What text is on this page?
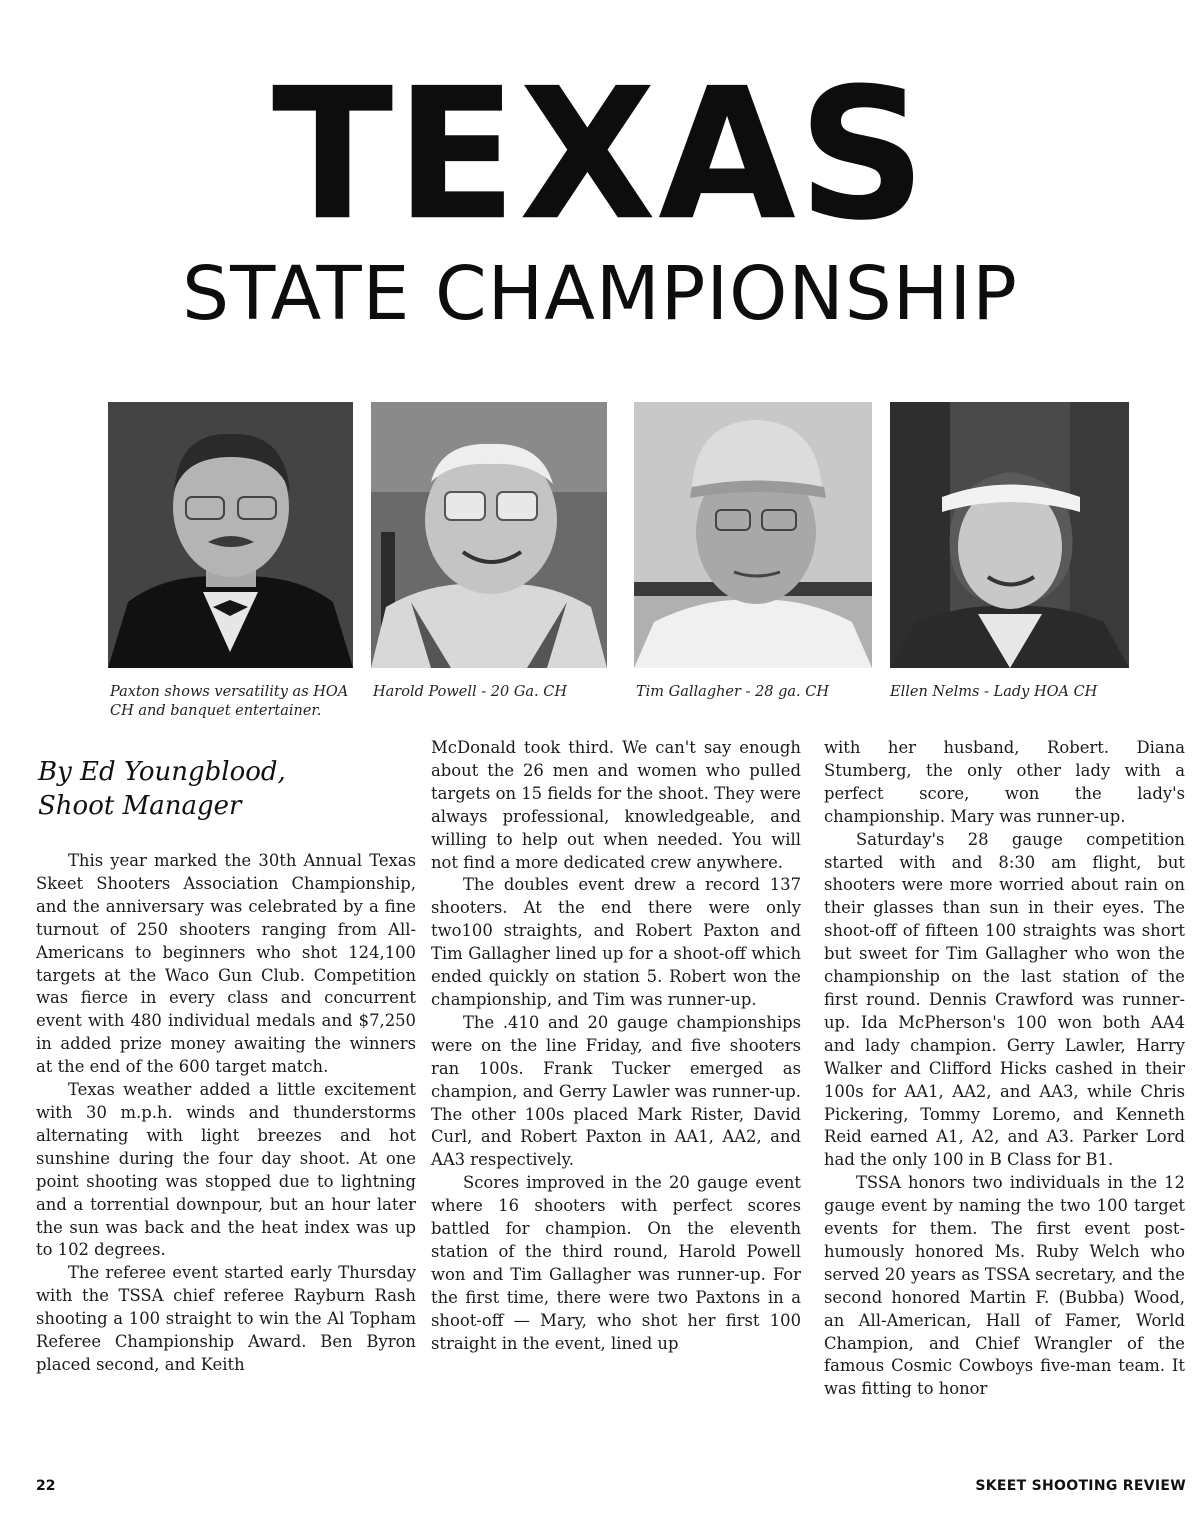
TEXAS
STATE CHAMPIONSHIP
Paxton shows versatility as HOA CH and banquet entertainer.
Harold Powell - 20 Ga. CH	Tim Gallagher - 28 ga. CH	Ellen Nelms - Lady HOA CH
By Ed Youngblood,
Shoot Manager

This year marked the 30th Annual Texas Skeet Shooters Association Championship, and the anniversary was celebrated by a fine turnout of 250 shooters ranging from All-Americans to beginners who shot 124,100 targets at the Waco Gun Club. Competition was fierce in every class and concurrent event with 480 individual medals and $7,250 in added prize money awaiting the winners at the end of the 600 target match.

Texas weather added a little excitement with 30 m.p.h. winds and thunderstorms alternating with light breezes and hot sunshine during the four day shoot. At one point shooting was stopped due to lightning and a torrential downpour, but an hour later the sun was back and the heat index was up to 102 degrees.

The referee event started early Thursday with the TSSA chief referee Rayburn Rash shooting a 100 straight to win the Al Topham Referee Championship Award. Ben Byron placed second, and Keith

McDonald took third. We can't say enough about the 26 men and women who pulled targets on 15 fields for the shoot. They were always professional, knowledgeable, and willing to help out when needed. You will not find a more dedicated crew anywhere.

The doubles event drew a record 137 shooters. At the end there were only two100 straights, and Robert Paxton and Tim Gallagher lined up for a shoot-off which ended quickly on station 5. Robert won the championship, and Tim was runner-up.

The .410 and 20 gauge championships were on the line Friday, and five shooters ran 100s. Frank Tucker emerged as champion, and Gerry Lawler was runner-up. The other 100s placed Mark Rister, David Curl, and Robert Paxton in AA1, AA2, and AA3 respectively.

Scores improved in the 20 gauge event where 16 shooters with perfect scores battled for champion. On the eleventh station of the third round, Harold Powell won and Tim Gallagher was runner-up. For the first time, there were two Paxtons in a shoot-off — Mary, who shot her first 100 straight in the event, lined up

with her husband, Robert. Diana Stumberg, the only other lady with a perfect score, won the lady's championship. Mary was runner-up.

Saturday's 28 gauge competition started with and 8:30 am flight, but shooters were more worried about rain on their glasses than sun in their eyes. The shoot-off of fifteen 100 straights was short but sweet for Tim Gallagher who won the championship on the last station of the first round. Dennis Crawford was runner-up. Ida McPherson's 100 won both AA4 and lady champion. Gerry Lawler, Harry Walker and Clifford Hicks cashed in their 100s for AA1, AA2, and AA3, while Chris Pickering, Tommy Loremo, and Kenneth Reid earned A1, A2, and A3. Parker Lord had the only 100 in B Class for B1.

TSSA honors two individuals in the 12 gauge event by naming the two 100 target events for them. The first event post-humously honored Ms. Ruby Welch who served 20 years as TSSA secretary, and the second honored Martin F. (Bubba) Wood, an All-American, Hall of Famer, World Champion, and Chief Wrangler of the famous Cosmic Cowboys five-man team. It was fitting to honor

22	SKEET SHOOTING REVIEW
